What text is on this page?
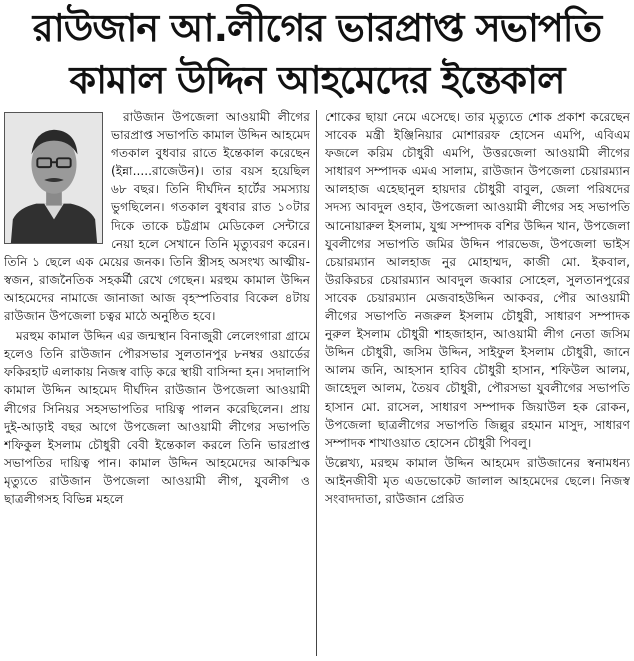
রাউজান আ.লীগের ভারপ্রাপ্ত সভাপতি
কামাল উদ্দিন আহমেদের ইন্তেকাল

রাউজান উপজেলা আওয়ামী লীগের ভারপ্রাপ্ত সভাপতি কামাল উদ্দিন আহমেদ গতকাল বুধবার রাতে ইন্তেকাল করেছেন (ইন্না.....রাজেউন)। তার বয়স হয়েছিল ৬৮ বছর। তিনি দীর্ঘদিন হার্টের সমস্যায় ভুগছিলেন। গতকাল বুধবার রাত ১০টার দিকে তাকে চট্টগ্রাম মেডিকেল সেন্টারে নেয়া হলে সেখানে তিনি মৃত্যুবরণ করেন। তিনি ১ ছেলে এক মেয়ের জনক। তিনি স্ত্রীসহ অসংখ্য আত্মীয়-স্বজন, রাজনৈতিক সহকর্মী রেখে গেছেন। মরহুম কামাল উদ্দিন আহমেদের নামাজে জানাজা আজ বৃহস্পতিবার বিকেল ৪টায় রাউজান উপজেলা চত্বর মাঠে অনুষ্ঠিত হবে।

মরহুম কামাল উদ্দিন এর জন্মস্থান বিনাজুরী লেলেংগারা গ্রামে হলেও তিনি রাউজান পৌরসভার সুলতানপুর ৮নম্বর ওয়ার্ডের ফকিরহাট এলাকায় নিজস্ব বাড়ি করে স্থায়ী বাসিন্দা হন। সদালাপি কামাল উদ্দিন আহমেদ দীর্ঘদিন রাউজান উপজেলা আওয়ামী লীগের সিনিয়র সহসভাপতির দায়িত্ব পালন করেছিলেন। প্রায় দুই-আড়াই বছর আগে উপজেলা আওয়ামী লীগের সভাপতি শফিকুল ইসলাম চৌধুরী বেবী ইন্তেকাল করলে তিনি ভারপ্রাপ্ত সভাপতির দায়িত্ব পান। কামাল উদ্দিন আহমেদের আকস্মিক মৃত্যুতে রাউজান উপজেলা আওয়ামী লীগ, যুবলীগ ও ছাত্রলীগসহ বিভিন্ন মহলে

শোকের ছায়া নেমে এসেছে। তার মৃত্যুতে শোক প্রকাশ করেছেন সাবেক মন্ত্রী ইঞ্জিনিয়ার মোশাররফ হোসেন এমপি, এবিএম ফজলে করিম চৌধুরী এমপি, উত্তরজেলা আওয়ামী লীগের সাধারণ সম্পাদক এমএ সালাম, রাউজান উপজেলা চেয়ারম্যান আলহাজ এহেছানুল হায়দার চৌধুরী বাবুল, জেলা পরিষদের সদস্য আবদুল ওহাব, উপজেলা আওয়ামী লীগের সহ সভাপতি আনোয়ারুল ইসলাম, যুগ্ম সম্পাদক বশির উদ্দিন খান, উপজেলা যুবলীগের সভাপতি জমির উদ্দিন পারভেজ, উপজেলা ভাইস চেয়ারম্যান আলহাজ নুর মোহাম্মদ, কাজী মো. ইকবাল, উরকিরচর চেয়ারম্যান আবদুল জব্বার সোহেল, সুলতানপুরের সাবেক চেয়ারম্যান মেজবাহউদ্দিন আকবর, পৌর আওয়ামী লীগের সভাপতি নজরুল ইসলাম চৌধুরী, সাধারণ সম্পাদক নুরুল ইসলাম চৌধুরী শাহজাহান, আওয়ামী লীগ নেতা জসিম উদ্দিন চৌধুরী, জসিম উদ্দিন, সাইফুল ইসলাম চৌধুরী, জানে আলম জনি, আহসান হাবিব চৌধুরী হাসান, শফিউল আলম, জাহেদুল আলম, তৈয়ব চৌধুরী, পৌরসভা যুবলীগের সভাপতি হাসান মো. রাসেল, সাধারণ সম্পাদক জিয়াউল হক রোকন, উপজেলা ছাত্রলীগের সভাপতি জিল্লুর রহমান মাসুদ, সাধারণ সম্পাদক শাখাওয়াত হোসেন চৌধুরী পিবলু।

উল্লেখ্য, মরহুম কামাল উদ্দিন আহমেদ রাউজানের স্বনামধন্য আইনজীবী মৃত এডভোকেট জালাল আহমেদের ছেলে। নিজস্ব সংবাদদাতা, রাউজান প্রেরিত
